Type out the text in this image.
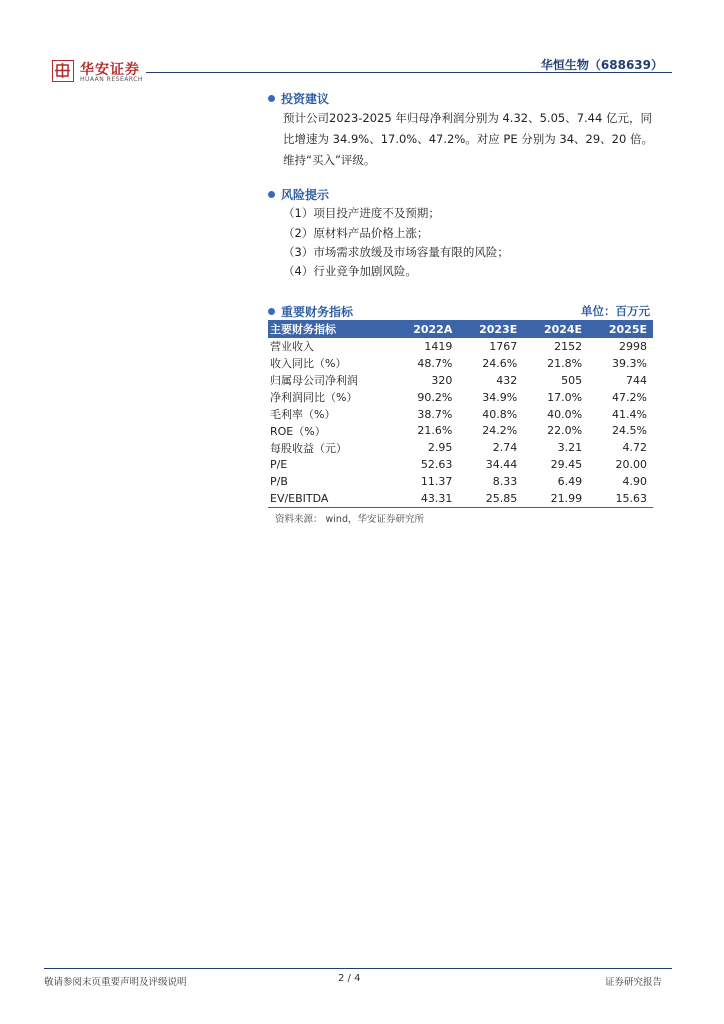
华安证券
HUAAN RESEARCH
华恒生物（688639）
投资建议
预计公司2023-2025 年归母净利润分别为 4.32、5.05、7.44 亿元，同比增速为 34.9%、17.0%、47.2%。对应 PE 分别为 34、29、20 倍。维持“买入”评级。
风险提示
（1）项目投产进度不及预期；
（2）原材料产品价格上涨；
（3）市场需求放缓及市场容量有限的风险；
（4）行业竞争加剧风险。
重要财务指标	单位：百万元
主要财务指标	2022A	2023E	2024E	2025E
营业收入	1419	1767	2152	2998
收入同比（%）	48.7%	24.6%	21.8%	39.3%
归属母公司净利润	320	432	505	744
净利润同比（%）	90.2%	34.9%	17.0%	47.2%
毛利率（%）	38.7%	40.8%	40.0%	41.4%
ROE（%）	21.6%	24.2%	22.0%	24.5%
每股收益（元）	2.95	2.74	3.21	4.72
P/E	52.63	34.44	29.45	20.00
P/B	11.37	8.33	6.49	4.90
EV/EBITDA	43.31	25.85	21.99	15.63
资料来源： wind，华安证券研究所
敬请参阅末页重要声明及评级说明	2 / 4	证券研究报告
